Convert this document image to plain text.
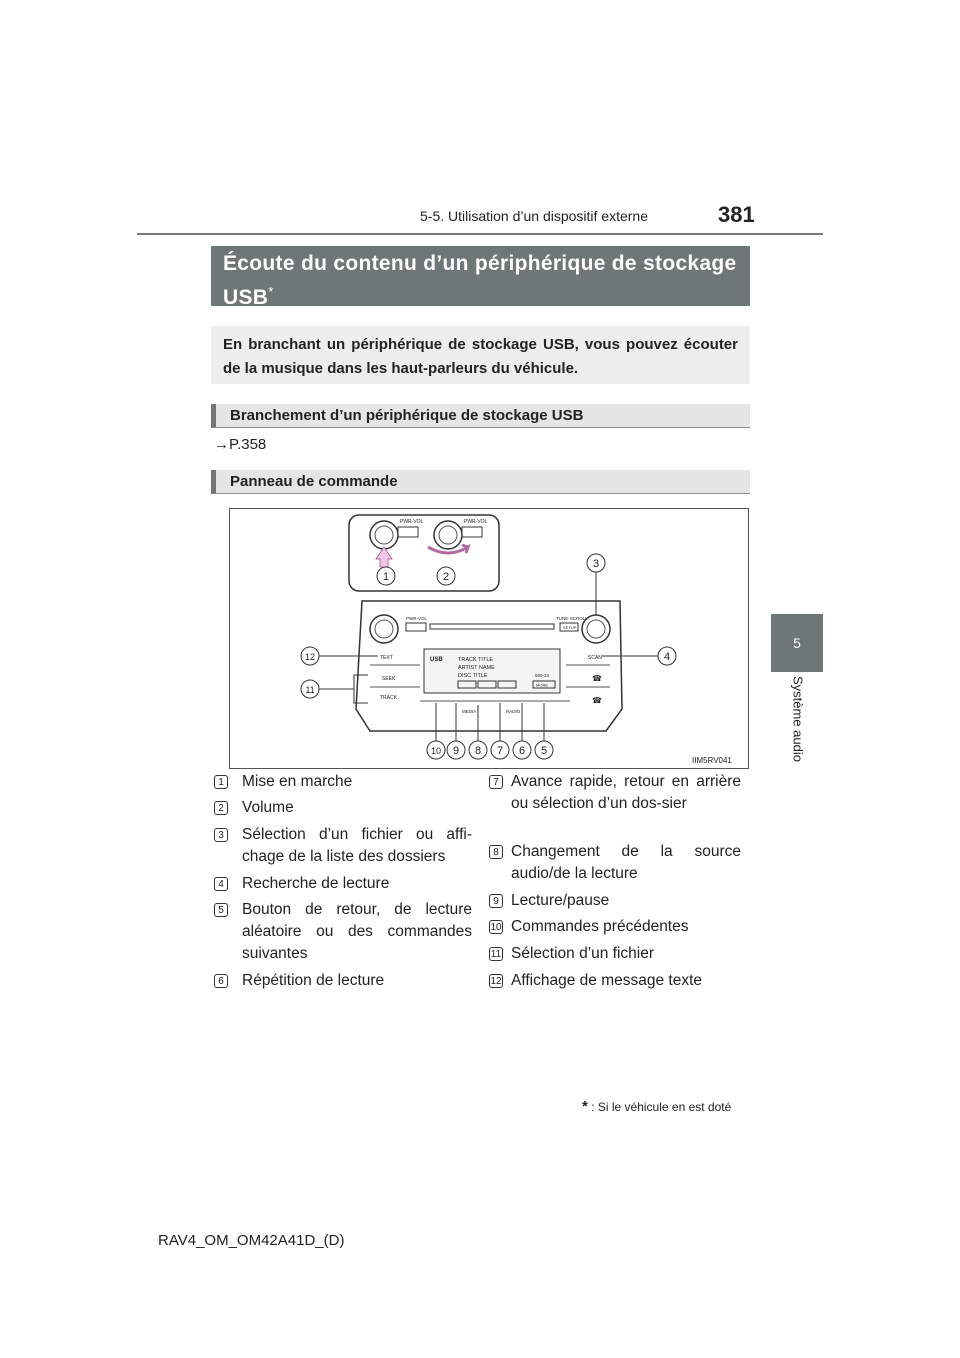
5-5. Utilisation d’un dispositif externe	381
5
Système audio
Écoute du contenu d’un périphérique de stockage USB*
En branchant un périphérique de stockage USB, vous pouvez écouter de la musique dans les haut-parleurs du véhicule.
Branchement d’un périphérique de stockage USB
→P.358
Panneau de commande
PWR-VOL	PWR-VOL
1	2
PWR-VOL	TUNE·SCROLL
SETUP
TEXT
SEEK
TRACK
SCAN
☎
☎
USB	TRACK TITLE
ARTIST NAME
DISC TITLE	550-33
MORE
MEDIA	RADIO
3
4
12
11
10 9 8 7 6 5
IIM5RV041
1 Mise en marche
2 Volume
3 Sélection d’un fichier ou affi-chage de la liste des dossiers
4 Recherche de lecture
5 Bouton de retour, de lecture aléatoire ou des commandes suivantes
6 Répétition de lecture
7 Avance rapide, retour en arrière ou sélection d’un dos-sier
8 Changement de la source audio/de la lecture
9 Lecture/pause
10 Commandes précédentes
11 Sélection d’un fichier
12 Affichage de message texte
* : Si le véhicule en est doté
RAV4_OM_OM42A41D_(D)
